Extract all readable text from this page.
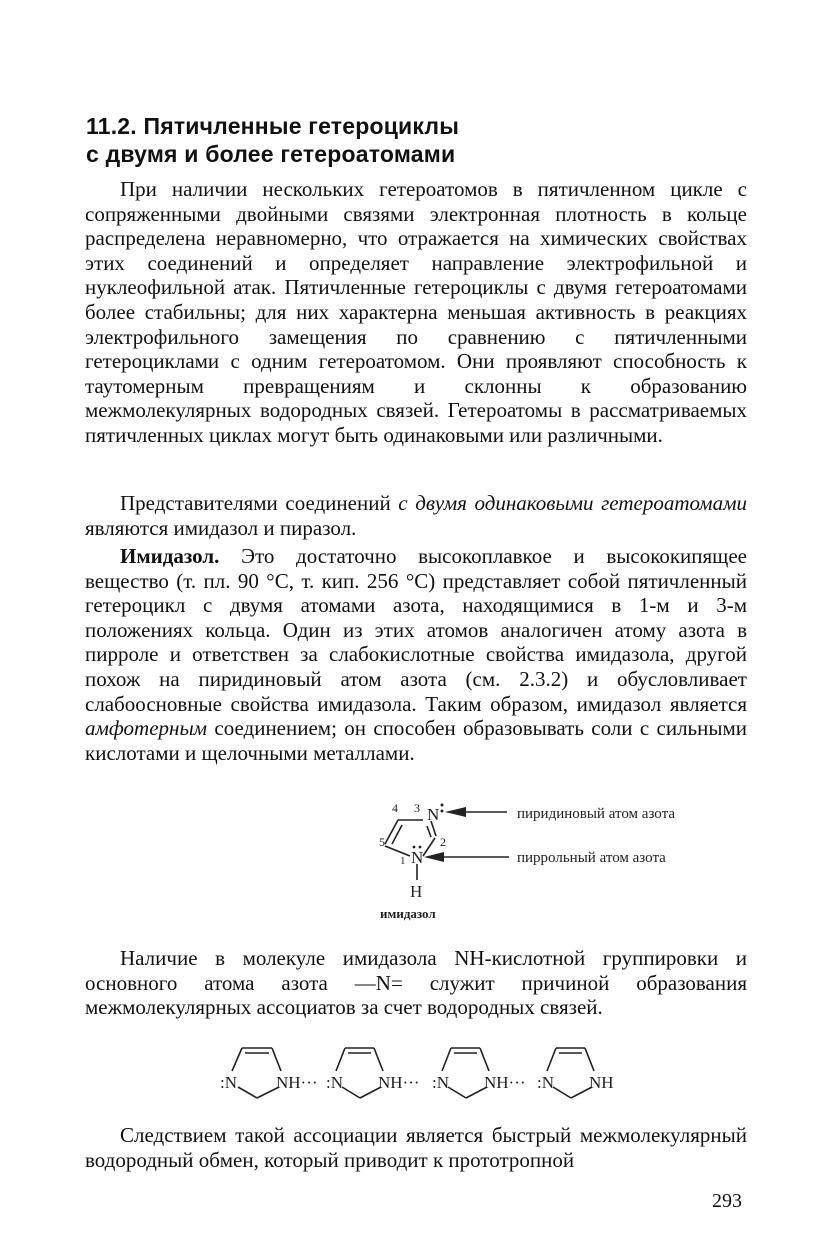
11.2. Пятичленные гетероциклы
с двумя и более гетероатомами

При наличии нескольких гетероатомов в пятичленном цикле с сопряженными двойными связями электронная плотность в кольце распределена неравномерно, что отражается на химических свойствах этих соединений и определяет направление электрофильной и нуклеофильной атак. Пятичленные гетероциклы с двумя гетероатомами более стабильны; для них характерна меньшая активность в реакциях электрофильного замещения по сравнению с пятичленными гетероциклами с одним гетероатомом. Они проявляют способность к таутомерным превращениям и склонны к образованию межмолекулярных водородных связей. Гетероатомы в рассматриваемых пятичленных циклах могут быть одинаковыми или различными.

Представителями соединений с двумя одинаковыми гетероатомами являются имидазол и пиразол.

Имидазол. Это достаточно высокоплавкое и высококипящее вещество (т. пл. 90 °С, т. кип. 256 °С) представляет собой пятичленный гетероцикл с двумя атомами азота, находящимися в 1-м и 3-м положениях кольца. Один из этих атомов аналогичен атому азота в пирроле и ответствен за слабокислотные свойства имидазола, другой похож на пиридиновый атом азота (см. 2.3.2) и обусловливает слабоосновные свойства имидазола. Таким образом, имидазол является амфотерным соединением; он способен образовывать соли с сильными кислотами и щелочными металлами.

4 3 N
5	2
1 N
H
пиридиновый атом азота
пиррольный атом азота
имидазол
:N NH··· :N NH··· :N NH··· :N NH

Наличие в молекуле имидазола NH-кислотной группировки и основного атома азота —N= служит причиной образования межмолекулярных ассоциатов за счет водородных связей.

Следствием такой ассоциации является быстрый межмолекулярный водородный обмен, который приводит к прототропной

293
